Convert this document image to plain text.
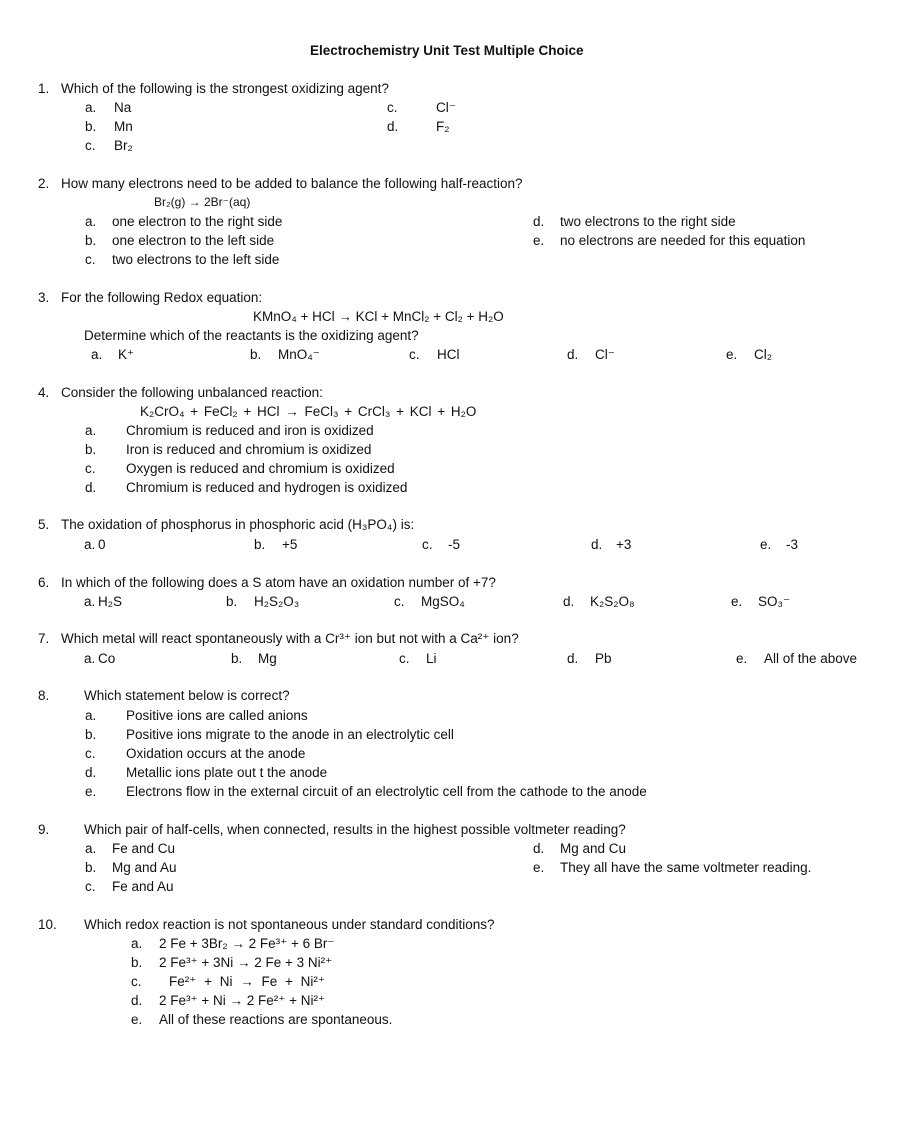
Electrochemistry Unit Test Multiple Choice
1. Which of the following is the strongest oxidizing agent?
a. Na
b. Mn
c. Br₂
c.	Cl⁻
d.	F₂
2. How many electrons need to be added to balance the following half-reaction?
Br₂(g) → 2Br⁻(aq)
a. one electron to the right side
b. one electron to the left side
c. two electrons to the left side
d. two electrons to the right side
e. no electrons are needed for this equation
3. For the following Redox equation:
KMnO₄ + HCl → KCl + MnCl₂ + Cl₂ + H₂O
Determine which of the reactants is the oxidizing agent?
a. K⁺	b. MnO₄⁻	c. HCl	d. Cl⁻	e. Cl₂
4. Consider the following unbalanced reaction:
K₂CrO₄ + FeCl₂ + HCl → FeCl₃ + CrCl₃ + KCl + H₂O
a. Chromium is reduced and iron is oxidized
b. Iron is reduced and chromium is oxidized
c. Oxygen is reduced and chromium is oxidized
d. Chromium is reduced and hydrogen is oxidized
5. The oxidation of phosphorus in phosphoric acid (H₃PO₄) is:
a. 0	b. +5	c. -5	d. +3	e. -3
6. In which of the following does a S atom have an oxidation number of +7?
a. H₂S	b. H₂S₂O₃	c. MgSO₄	d. K₂S₂O₈	e. SO₃⁻
7. Which metal will react spontaneously with a Cr³⁺ ion but not with a Ca²⁺ ion?
a. Co	b. Mg	c. Li	d. Pb	e. All of the above
8.	Which statement below is correct?
a. Positive ions are called anions
b. Positive ions migrate to the anode in an electrolytic cell
c. Oxidation occurs at the anode
d. Metallic ions plate out t the anode
e. Electrons flow in the external circuit of an electrolytic cell from the cathode to the anode
9.	Which pair of half-cells, when connected, results in the highest possible voltmeter reading?
a. Fe and Cu
b. Mg and Au
c. Fe and Au
d. Mg and Cu
e. They all have the same voltmeter reading.
10. Which redox reaction is not spontaneous under standard conditions?
a. 2 Fe + 3Br₂ → 2 Fe³⁺ + 6 Br⁻
b. 2 Fe³⁺ + 3Ni → 2 Fe + 3 Ni²⁺
c. Fe²⁺ + Ni → Fe + Ni²⁺
d. 2 Fe³⁺ + Ni → 2 Fe²⁺ + Ni²⁺
e. All of these reactions are spontaneous.
